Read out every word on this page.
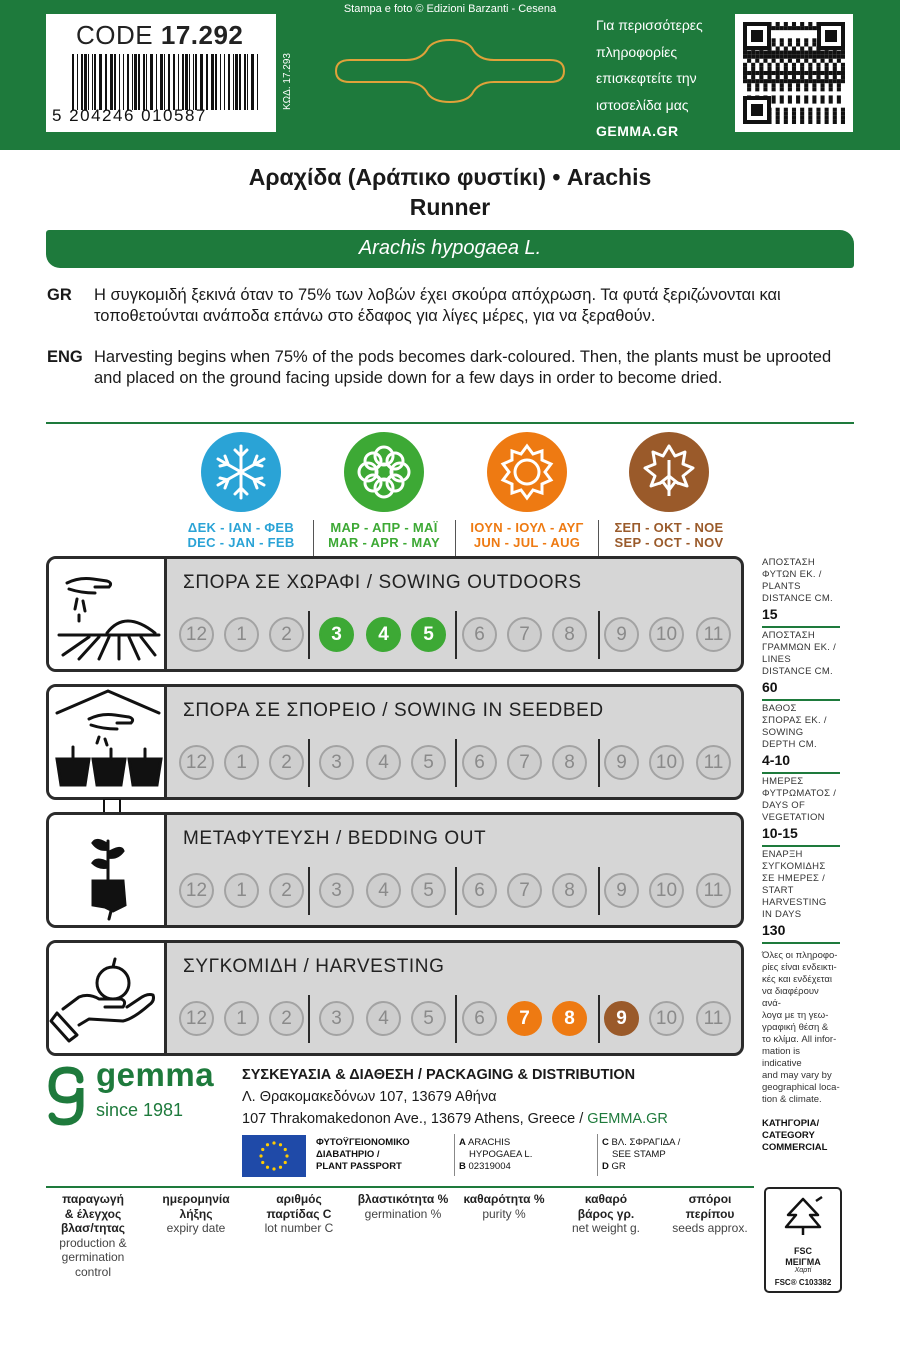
Stampa e foto © Edizioni Barzanti - Cesena
CODE 17.292
5 204246 010587
ΚΩΔ. 17.293
Για περισσότερες
πληροφορίες
επισκεφτείτε την
ιστοσελίδα μας
GEMMA.GR
Αραχίδα (Αράπικο φυστίκι) • Arachis
Runner
Arachis hypogaea L.
GR Η συγκομιδή ξεκινά όταν το 75% των λοβών έχει σκούρα απόχρωση. Τα φυτά ξεριζώνονται και τοποθετούνται ανάποδα επάνω στο έδαφος για λίγες μέρες, για να ξεραθούν.
ENG Harvesting begins when 75% of the pods becomes dark-coloured. Then, the plants must be uprooted and placed on the ground facing upside down for a few days in order to become dried.
ΔΕΚ - ΙΑΝ - ΦΕΒ
DEC - JAN - FEB
ΜΑΡ - ΑΠΡ - ΜΑΪ
MAR - APR - MAY
ΙΟΥΝ - ΙΟΥΛ - ΑΥΓ
JUN - JUL - AUG
ΣΕΠ - ΟΚΤ - ΝΟΕ
SEP - OCT - NOV
ΣΠΟΡΑ ΣΕ ΧΩΡΑΦΙ / SOWING OUTDOORS
12	1	2	3	4	5	6	7	8	9	10	11
ΣΠΟΡΑ ΣΕ ΣΠΟΡΕΙΟ / SOWING IN SEEDBED
12	1	2	3	4	5	6	7	8	9	10	11
ΜΕΤΑΦΥΤΕΥΣΗ / BEDDING OUT
12	1	2	3	4	5	6	7	8	9	10	11
ΣΥΓΚΟΜΙΔΗ / HARVESTING
12	1	2	3	4	5	6	7	8	9	10	11
ΑΠΟΣΤΑΣΗ
ΦΥΤΩΝ ΕΚ. /
PLANTS
DISTANCE CM.
15
ΑΠΟΣΤΑΣΗ
ΓΡΑΜΜΩΝ ΕΚ. /
LINES
DISTANCE CM.
60
ΒΑΘΟΣ
ΣΠΟΡΑΣ ΕΚ. /
SOWING
DEPTH CM.
4-10
ΗΜΕΡΕΣ
ΦΥΤΡΩΜΑΤΟΣ /
DAYS OF
VEGETATION
10-15
ΕΝΑΡΞΗ
ΣΥΓΚΟΜΙΔΗΣ
ΣΕ ΗΜΕΡΕΣ /
START
HARVESTING
IN DAYS
130
Όλες οι πληροφο-
ρίες είναι ενδεικτι-
κές και ενδέχεται
να διαφέρουν ανά-
λογα με τη γεω-
γραφική θέση &
το κλίμα. All infor-
mation is indicative
and may vary by
geographical loca-
tion & climate.
ΚΑΤΗΓΟΡΙΑ/
CATEGORY
COMMERCIAL
gemma
since 1981
ΣΥΣΚΕΥΑΣΙΑ & ΔΙΑΘΕΣΗ / PACKAGING & DISTRIBUTION
Λ. Θρακομακεδόνων 107, 13679 Αθήνα
107 Thrakomakedonon Ave., 13679 Athens, Greece / GEMMA.GR
ΦΥΤΟΫΓΕΙΟΝΟΜΙΚΟ
ΔΙΑΒΑΤΗΡΙΟ /
PLANT PASSPORT
A ARACHIS
HYPOGAEA L.
B 02319004
C ΒΛ. ΣΦΡΑΓΙΔΑ /
SEE STAMP
D GR
παραγωγή
& έλεγχος
βλασ/τητας
production &
germination
control
ημερομηνία
λήξης
expiry date
αριθμός
παρτίδας C
lot number C
βλαστικότητα %
germination %
καθαρότητα %
purity %
καθαρό
βάρος γρ.
net weight g.
σπόροι
περίπου
seeds approx.
FSC
ΜΕΙΓΜΑ
Χαρτί
FSC® C103382
